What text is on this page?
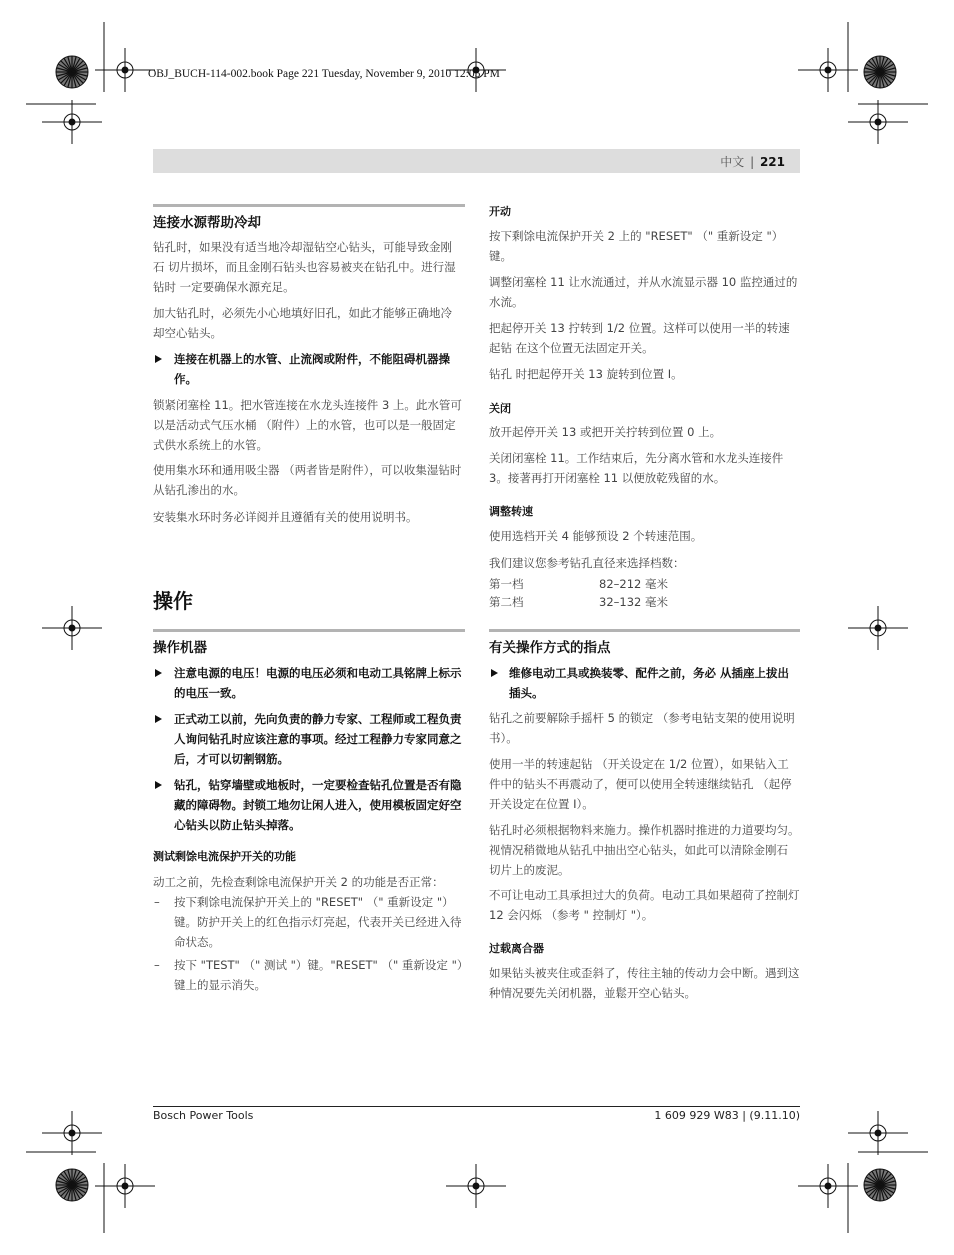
OBJ_BUCH-114-002.book Page 221 Tuesday, November 9, 2010 12:05 PM
中文 | 221
连接水源帮助冷却
钻孔时，如果没有适当地冷却湿钻空心钻头，可能导致金刚石 切片损坏，而且金刚石钻头也容易被夹在钻孔中。进行湿钻时 一定要确保水源充足。
加大钻孔时，必须先小心地填好旧孔，如此才能够正确地冷却空心钻头。
连接在机器上的水管、止流阀或附件，不能阻碍机器操作。
锁紧闭塞栓 11。把水管连接在水龙头连接件 3 上。此水管可以是活动式气压水桶 （附件）上的水管，也可以是一般固定式供水系统上的水管。
使用集水环和通用吸尘器 （两者皆是附件），可以收集湿钻时从钻孔渗出的水。
安装集水环时务必详阅并且遵循有关的使用说明书。
操作
操作机器
注意电源的电压！电源的电压必须和电动工具铭牌上标示的电压一致。
正式动工以前，先向负责的静力专家、工程师或工程负责人询问钻孔时应该注意的事项。经过工程静力专家同意之后，才可以切割钢筋。
钻孔，钻穿墙壁或地板时，一定要检查钻孔位置是否有隐藏的障碍物。封锁工地勿让闲人进入，使用模板固定好空心钻头以防止钻头掉落。
测试剩馀电流保护开关的功能
动工之前，先检查剩馀电流保护开关 2 的功能是否正常：
– 按下剩馀电流保护开关上的 "RESET" （" 重新设定 "）键。防护开关上的红色指示灯亮起，代表开关已经进入待命状态。
– 按下 "TEST" （" 测试 "）键。"RESET" （" 重新设定 "）键上的显示消失。
开动
按下剩馀电流保护开关 2 上的 "RESET" （" 重新设定 "）键。
调整闭塞栓 11 让水流通过，并从水流显示器 10 监控通过的水流。
把起停开关 13 拧转到 1/2 位置。这样可以使用一半的转速起钻 在这个位置无法固定开关。
钻孔 时把起停开关 13 旋转到位置 I。
关闭
放开起停开关 13 或把开关拧转到位置 0 上。
关闭闭塞栓 11。工作结束后，先分离水管和水龙头连接件 3。接著再打开闭塞栓 11 以便放乾残留的水。
调整转速
使用选档开关 4 能够预设 2 个转速范围。
我们建议您参考钻孔直径来选择档数：
第一档	82–212 毫米
第二档	32–132 毫米
有关操作方式的指点
维修电动工具或换装零、配件之前，务必 从插座上拔出插头。
钻孔之前要解除手摇杆 5 的锁定 （参考电钻支架的使用说明书）。
使用一半的转速起钻 （开关设定在 1/2 位置），如果钻入工件中的钻头不再震动了，便可以使用全转速继续钻孔 （起停开关设定在位置 I）。
钻孔时必须根据物料来施力。操作机器时推进的力道要均匀。视情况稍微地从钻孔中抽出空心钻头，如此可以清除金刚石 切片上的废泥。
不可让电动工具承担过大的负荷。电动工具如果超荷了控制灯 12 会闪烁 （参考 " 控制灯 "）。
过载离合器
如果钻头被夹住或歪斜了，传往主轴的传动力会中断。遇到这种情况要先关闭机器，並鬆开空心钻头。
Bosch Power Tools	1 609 929 W83 | (9.11.10)
